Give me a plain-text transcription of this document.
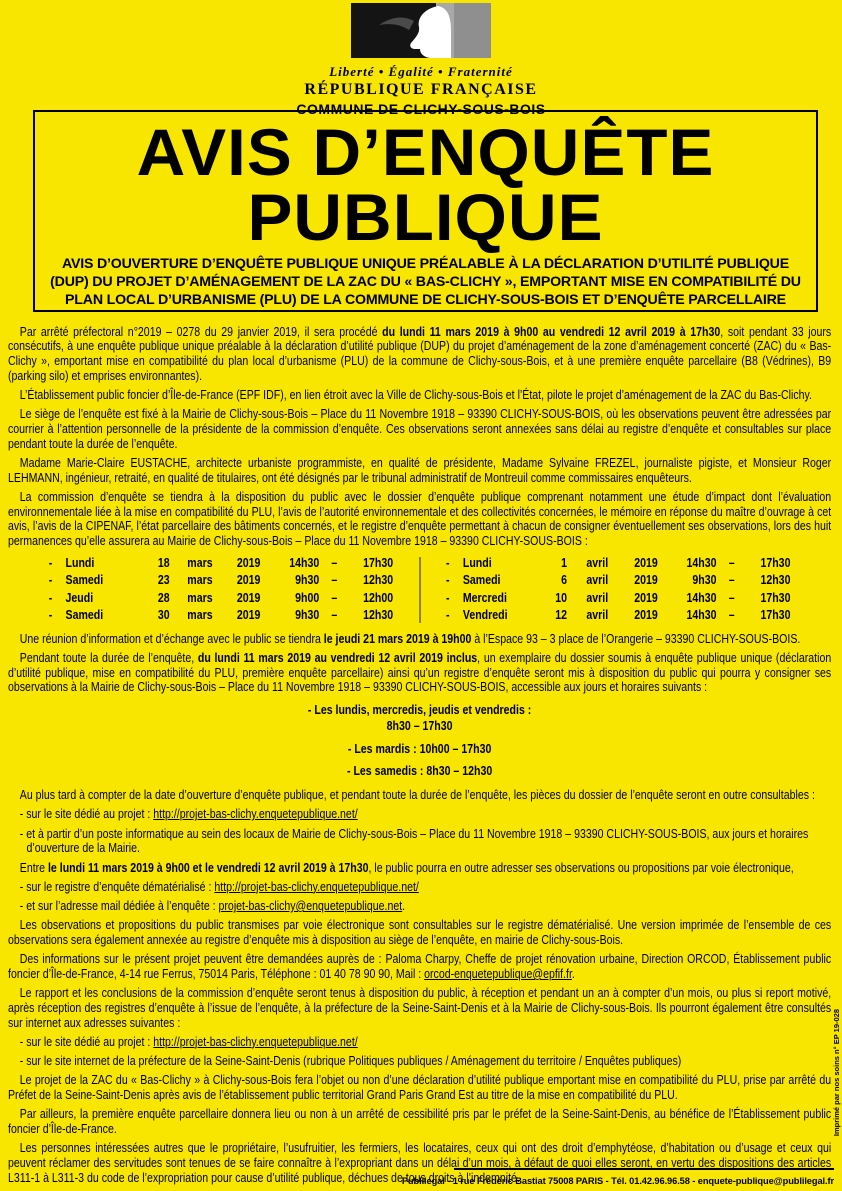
Liberté • Égalité • Fraternité
RÉPUBLIQUE FRANÇAISE
COMMUNE DE CLICHY-SOUS-BOIS
AVIS D’ENQUÊTE PUBLIQUE
AVIS D’OUVERTURE D’ENQUÊTE PUBLIQUE UNIQUE PRÉALABLE À LA DÉCLARATION D’UTILITÉ PUBLIQUE (DUP) DU PROJET D’AMÉNAGEMENT DE LA ZAC DU « BAS-CLICHY », EMPORTANT MISE EN COMPATIBILITÉ DU PLAN LOCAL D’URBANISME (PLU) DE LA COMMUNE DE CLICHY-SOUS-BOIS ET D’ENQUÊTE PARCELLAIRE

Par arrêté préfectoral n°2019 – 0278 du 29 janvier 2019, il sera procédé du lundi 11 mars 2019 à 9h00 au vendredi 12 avril 2019 à 17h30, soit pendant 33 jours consécutifs, à une enquête publique unique préalable à la déclaration d’utilité publique (DUP) du projet d’aménagement de la zone d’aménagement concerté (ZAC) du « Bas-Clichy », emportant mise en compatibilité du plan local d’urbanisme (PLU) de la commune de Clichy-sous-Bois, et à une première enquête parcellaire (B8 (Védrines), B9 (parking silo) et emprises environnantes).

L’Établissement public foncier d’Île-de-France (EPF IDF), en lien étroit avec la Ville de Clichy-sous-Bois et l’État, pilote le projet d’aménagement de la ZAC du Bas-Clichy.

Le siège de l’enquête est fixé à la Mairie de Clichy-sous-Bois – Place du 11 Novembre 1918 – 93390 CLICHY-SOUS-BOIS, où les observations peuvent être adressées par courrier à l’attention personnelle de la présidente de la commission d’enquête. Ces observations seront annexées sans délai au registre d’enquête et consultables sur place pendant toute la durée de l’enquête.

Madame Marie-Claire EUSTACHE, architecte urbaniste programmiste, en qualité de présidente, Madame Sylvaine FREZEL, journaliste pigiste, et Monsieur Roger LEHMANN, ingénieur, retraité, en qualité de titulaires, ont été désignés par le tribunal administratif de Montreuil comme commissaires enquêteurs.

La commission d’enquête se tiendra à la disposition du public avec le dossier d’enquête publique comprenant notamment une étude d’impact dont l’évaluation environnementale liée à la mise en compatibilité du PLU, l’avis de l’autorité environnementale et des collectivités concernées, le mémoire en réponse du maître d’ouvrage à cet avis, l’avis de la CIPENAF, l’état parcellaire des bâtiments concernés, et le registre d’enquête permettant à chacun de consigner éventuellement ses observations, lors des huit permanences qu’elle assurera au Mairie de Clichy-sous-Bois – Place du 11 Novembre 1918 – 93390 CLICHY-SOUS-BOIS :

-	Lundi	18	mars	2019	14h30	–	17h30
-	Samedi	23	mars	2019	9h30	–	12h30
-	Jeudi	28	mars	2019	9h00	–	12h00
-	Samedi	30	mars	2019	9h30	–	12h30
-	Lundi	1	avril	2019	14h30	–	17h30
-	Samedi	6	avril	2019	9h30	–	12h30
-	Mercredi	10	avril	2019	14h30	–	17h30
-	Vendredi	12	avril	2019	14h30	–	17h30

Une réunion d’information et d’échange avec le public se tiendra le jeudi 21 mars 2019 à 19h00 à l’Espace 93 – 3 place de l’Orangerie – 93390 CLICHY-SOUS-BOIS.

Pendant toute la durée de l’enquête, du lundi 11 mars 2019 au vendredi 12 avril 2019 inclus, un exemplaire du dossier soumis à enquête publique unique (déclaration d’utilité publique, mise en compatibilité du PLU, première enquête parcellaire) ainsi qu’un registre d’enquête seront mis à disposition du public qui pourra y consigner ses observations à la Mairie de Clichy-sous-Bois – Place du 11 Novembre 1918 – 93390 CLICHY-SOUS-BOIS, accessible aux jours et horaires suivants :

- Les lundis, mercredis, jeudis et vendredis :
8h30 – 17h30
- Les mardis : 10h00 – 17h30
- Les samedis : 8h30 – 12h30

Au plus tard à compter de la date d’ouverture d’enquête publique, et pendant toute la durée de l’enquête, les pièces du dossier de l’enquête seront en outre consultables :

- sur le site dédié au projet : http://projet-bas-clichy.enquetepublique.net/

- et à partir d’un poste informatique au sein des locaux de Mairie de Clichy-sous-Bois – Place du 11 Novembre 1918 – 93390 CLICHY-SOUS-BOIS, aux jours et horaires d’ouverture de la Mairie.

Entre le lundi 11 mars 2019 à 9h00 et le vendredi 12 avril 2019 à 17h30, le public pourra en outre adresser ses observations ou propositions par voie électronique,

- sur le registre d’enquête dématérialisé : http://projet-bas-clichy.enquetepublique.net/

- et sur l’adresse mail dédiée à l’enquête : projet-bas-clichy@enquetepublique.net.

Les observations et propositions du public transmises par voie électronique sont consultables sur le registre dématérialisé. Une version imprimée de l’ensemble de ces observations sera également annexée au registre d’enquête mis à disposition au siège de l’enquête, en mairie de Clichy-sous-Bois.

Des informations sur le présent projet peuvent être demandées auprès de : Paloma Charpy, Cheffe de projet rénovation urbaine, Direction ORCOD, Établissement public foncier d’Île-de-France, 4-14 rue Ferrus, 75014 Paris, Téléphone : 01 40 78 90 90, Mail : orcod-enquetepublique@epfif.fr.

Le rapport et les conclusions de la commission d’enquête seront tenus à disposition du public, à réception et pendant un an à compter d’un mois, ou plus si report motivé, après réception des registres d’enquête à l’issue de l’enquête, à la préfecture de la Seine-Saint-Denis et à la Mairie de Clichy-sous-Bois. Ils pourront également être consultés sur internet aux adresses suivantes :

- sur le site dédié au projet : http://projet-bas-clichy.enquetepublique.net/

- sur le site internet de la préfecture de la Seine-Saint-Denis (rubrique Politiques publiques / Aménagement du territoire / Enquêtes publiques)

Le projet de la ZAC du « Bas-Clichy » à Clichy-sous-Bois fera l’objet ou non d’une déclaration d’utilité publique emportant mise en compatibilité du PLU, prise par arrêté du Préfet de la Seine-Saint-Denis après avis de l’établissement public territorial Grand Paris Grand Est au titre de la mise en compatibilité du PLU.

Par ailleurs, la première enquête parcellaire donnera lieu ou non à un arrêté de cessibilité pris par le préfet de la Seine-Saint-Denis, au bénéfice de l’Établissement public foncier d’Île-de-France.

Les personnes intéressées autres que le propriétaire, l’usufruitier, les fermiers, les locataires, ceux qui ont des droit d’emphytéose, d’habitation ou d’usage et ceux qui peuvent réclamer des servitudes sont tenues de se faire connaître à l’expropriant dans un délai d’un mois, à défaut de quoi elles seront, en vertu des dispositions des articles L311-1 à L311-3 du code de l’expropriation pour cause d’utilité publique, déchues de tous droits à l’indemnité.

Publilegal - 1 rue Frédéric Bastiat 75008 PARIS - Tél. 01.42.96.96.58 - enquete-publique@publilegal.fr
Imprimé par nos soins n° EP 19-028
